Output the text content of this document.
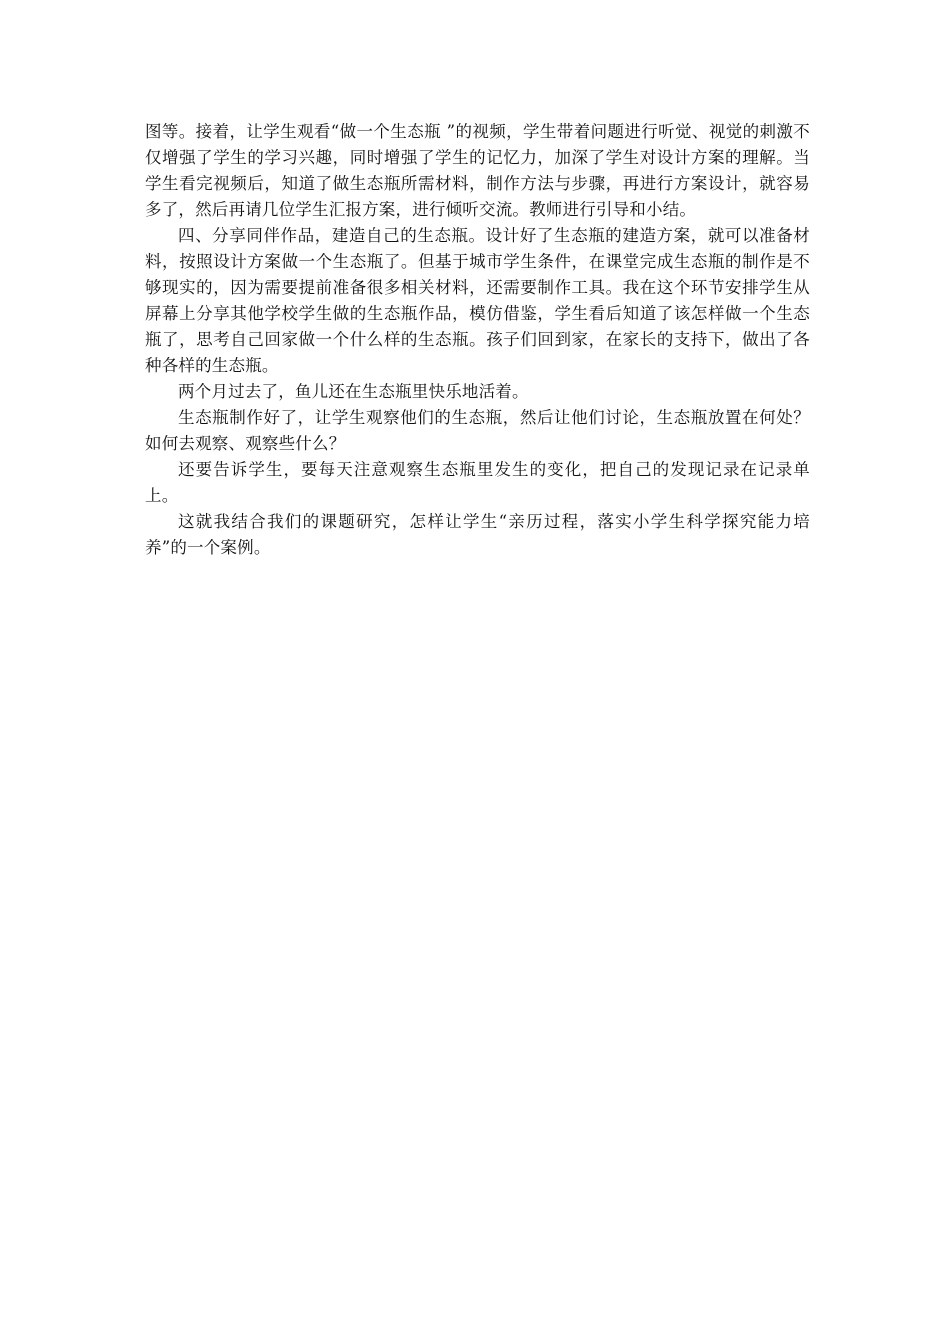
图等。接着，让学生观看“做一个生态瓶 ”的视频，学生带着问题进行听觉、视觉的刺激不仅增强了学生的学习兴趣，同时增强了学生的记忆力，加深了学生对设计方案的理解。当学生看完视频后，知道了做生态瓶所需材料，制作方法与步骤，再进行方案设计，就容易多了，然后再请几位学生汇报方案，进行倾听交流。教师进行引导和小结。

四、分享同伴作品，建造自己的生态瓶。设计好了生态瓶的建造方案，就可以准备材料，按照设计方案做一个生态瓶了。但基于城市学生条件，在课堂完成生态瓶的制作是不够现实的，因为需要提前准备很多相关材料，还需要制作工具。我在这个环节安排学生从屏幕上分享其他学校学生做的生态瓶作品，模仿借鉴，学生看后知道了该怎样做一个生态瓶了，思考自己回家做一个什么样的生态瓶。孩子们回到家，在家长的支持下，做出了各种各样的生态瓶。

两个月过去了，鱼儿还在生态瓶里快乐地活着。

生态瓶制作好了，让学生观察他们的生态瓶，然后让他们讨论，生态瓶放置在何处？如何去观察、观察些什么？

还要告诉学生，要每天注意观察生态瓶里发生的变化，把自己的发现记录在记录单上。

这就我结合我们的课题研究，怎样让学生“亲历过程，落实小学生科学探究能力培养”的一个案例。
